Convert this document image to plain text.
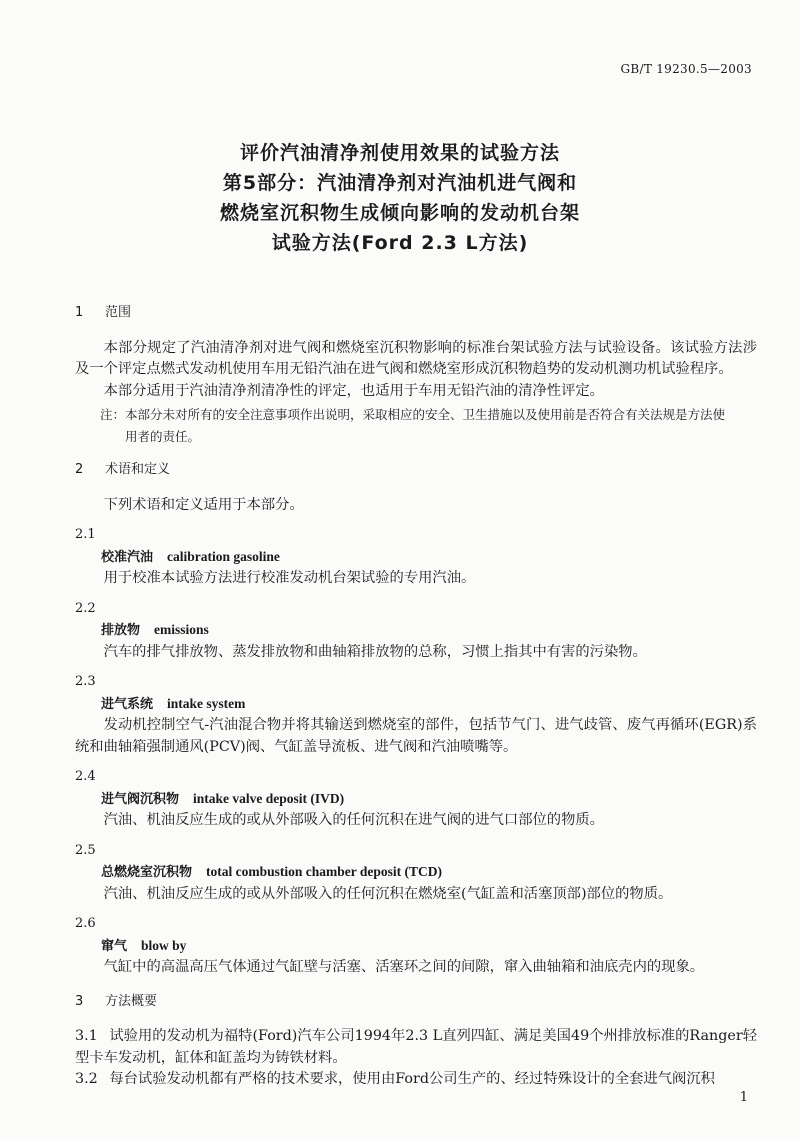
GB/T 19230.5—2003
评价汽油清净剂使用效果的试验方法
第5部分：汽油清净剂对汽油机进气阀和
燃烧室沉积物生成倾向影响的发动机台架
试验方法(Ford 2.3 L方法)
1 范围

本部分规定了汽油清净剂对进气阀和燃烧室沉积物影响的标准台架试验方法与试验设备。该试验方法涉及一个评定点燃式发动机使用车用无铅汽油在进气阀和燃烧室形成沉积物趋势的发动机测功机试验程序。

本部分适用于汽油清净剂清净性的评定，也适用于车用无铅汽油的清净性评定。

注：本部分未对所有的安全注意事项作出说明，采取相应的安全、卫生措施以及使用前是否符合有关法规是方法使
用者的责任。

2 术语和定义

下列术语和定义适用于本部分。

2.1
校准汽油 calibration gasoline

用于校准本试验方法进行校准发动机台架试验的专用汽油。

2.2
排放物 emissions

汽车的排气排放物、蒸发排放物和曲轴箱排放物的总称，习惯上指其中有害的污染物。

2.3
进气系统 intake system

发动机控制空气-汽油混合物并将其输送到燃烧室的部件，包括节气门、进气歧管、废气再循环(EGR)系统和曲轴箱强制通风(PCV)阀、气缸盖导流板、进气阀和汽油喷嘴等。

2.4
进气阀沉积物 intake valve deposit (IVD)

汽油、机油反应生成的或从外部吸入的任何沉积在进气阀的进气口部位的物质。

2.5
总燃烧室沉积物 total combustion chamber deposit (TCD)

汽油、机油反应生成的或从外部吸入的任何沉积在燃烧室(气缸盖和活塞顶部)部位的物质。

2.6
窜气 blow by

气缸中的高温高压气体通过气缸壁与活塞、活塞环之间的间隙，窜入曲轴箱和油底壳内的现象。

3 方法概要

3.1 试验用的发动机为福特(Ford)汽车公司1994年2.3 L直列四缸、满足美国49个州排放标准的Ranger轻型卡车发动机，缸体和缸盖均为铸铁材料。

3.2 每台试验发动机都有严格的技术要求，使用由Ford公司生产的、经过特殊设计的全套进气阀沉积

1
